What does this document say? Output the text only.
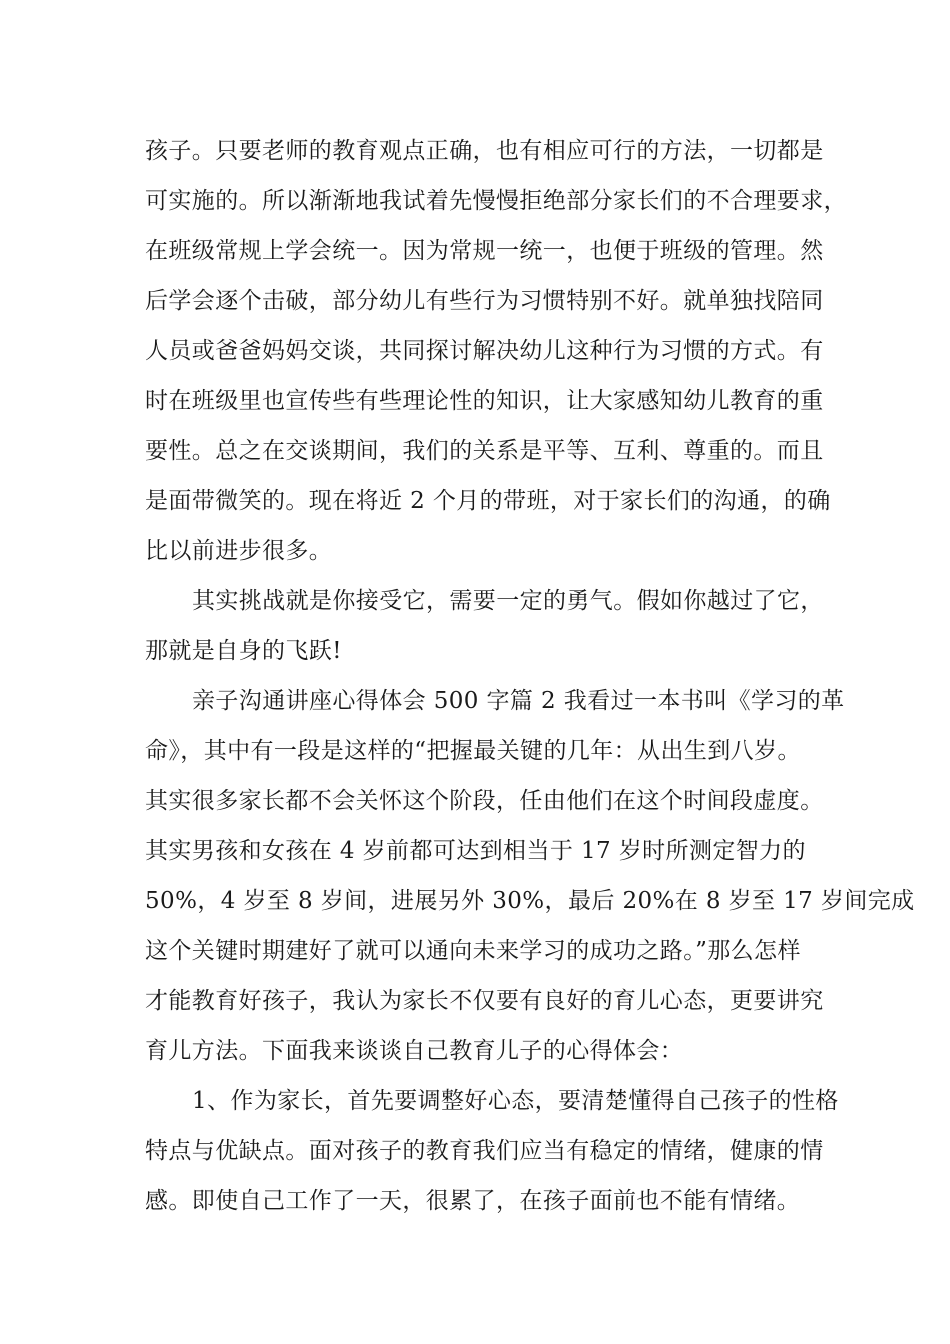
孩子。只要老师的教育观点正确，也有相应可行的方法，一切都是
可实施的。所以渐渐地我试着先慢慢拒绝部分家长们的不合理要求，
在班级常规上学会统一。因为常规一统一，也便于班级的管理。然
后学会逐个击破，部分幼儿有些行为习惯特别不好。就单独找陪同
人员或爸爸妈妈交谈，共同探讨解决幼儿这种行为习惯的方式。有
时在班级里也宣传些有些理论性的知识，让大家感知幼儿教育的重
要性。总之在交谈期间，我们的关系是平等、互利、尊重的。而且
是面带微笑的。现在将近 2 个月的带班，对于家长们的沟通，的确
比以前进步很多。
其实挑战就是你接受它，需要一定的勇气。假如你越过了它，
那就是自身的飞跃!
亲子沟通讲座心得体会 500 字篇 2 我看过一本书叫《学习的革
命》，其中有一段是这样的“把握最关键的几年：从出生到八岁。
其实很多家长都不会关怀这个阶段，任由他们在这个时间段虚度。
其实男孩和女孩在 4 岁前都可达到相当于 17 岁时所测定智力的
50%，4 岁至 8 岁间，进展另外 30%，最后 20%在 8 岁至 17 岁间完成
这个关键时期建好了就可以通向未来学习的成功之路。”那么怎样
才能教育好孩子，我认为家长不仅要有良好的育儿心态，更要讲究
育儿方法。下面我来谈谈自己教育儿子的心得体会：
1、作为家长，首先要调整好心态，要清楚懂得自己孩子的性格
特点与优缺点。面对孩子的教育我们应当有稳定的情绪，健康的情
感。即使自己工作了一天，很累了，在孩子面前也不能有情绪。
